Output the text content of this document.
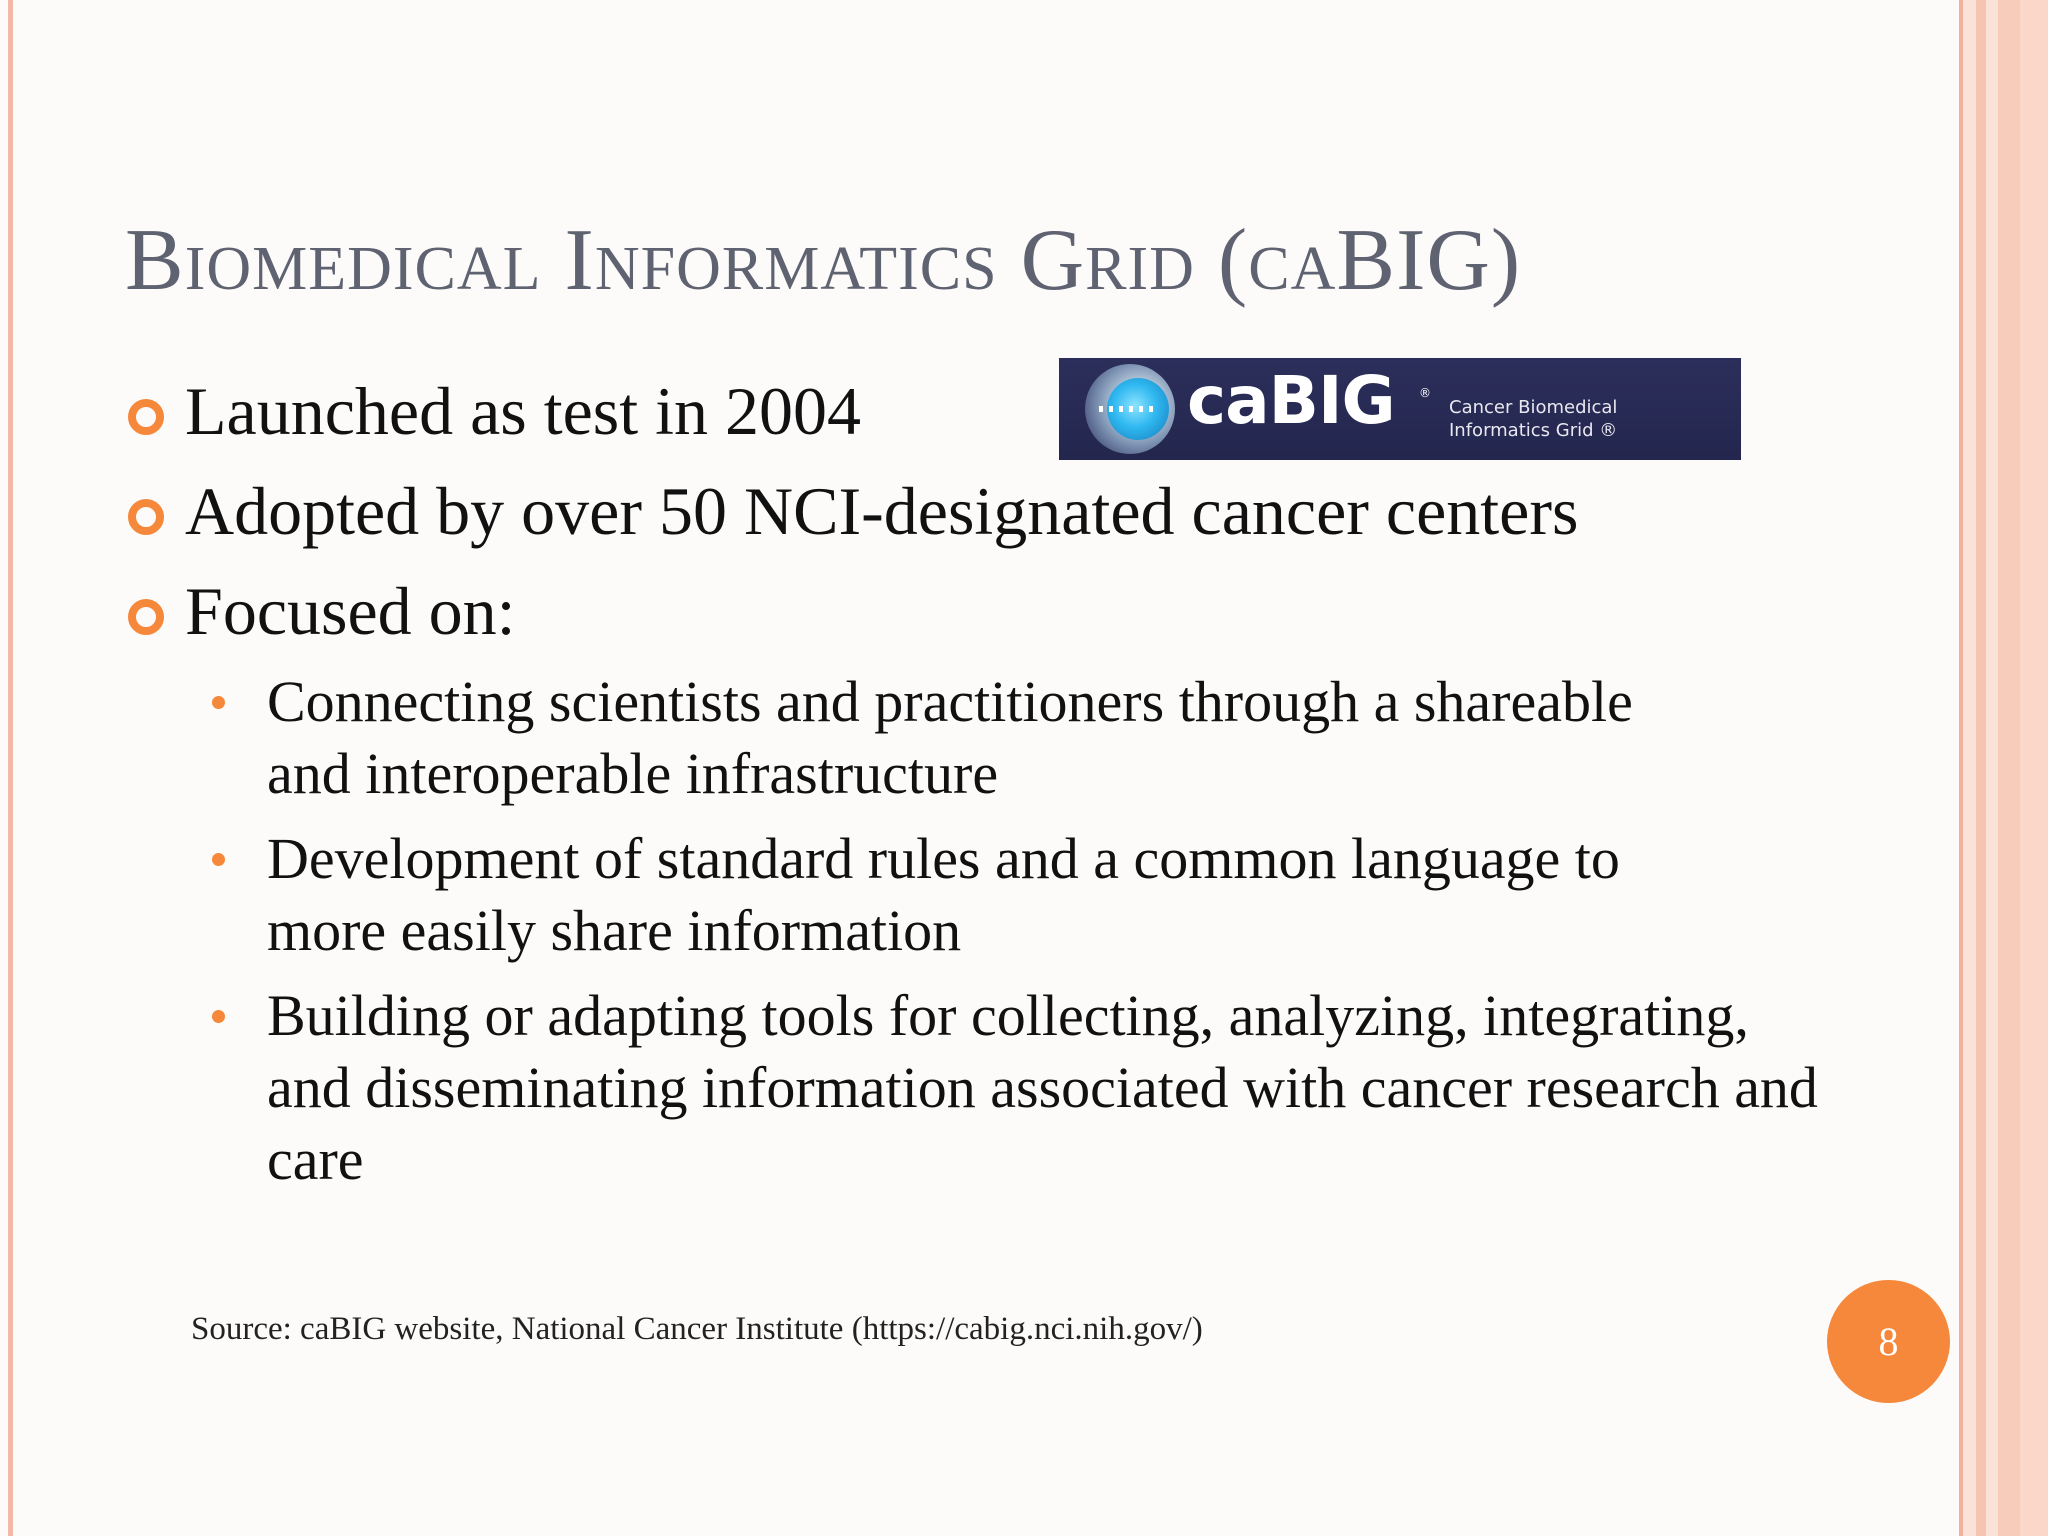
Biomedical Informatics Grid (caBIG)
Launched as test in 2004
Adopted by over 50 NCI-designated cancer centers
Focused on:
Connecting scientists and practitioners through a shareable and interoperable infrastructure
Development of standard rules and a common language to more easily share information
Building or adapting tools for collecting, analyzing, integrating, and disseminating information associated with cancer research and care
caBIG ®
Cancer Biomedical
Informatics Grid ®
Source: caBIG website, National Cancer Institute (https://cabig.nci.nih.gov/)	8
